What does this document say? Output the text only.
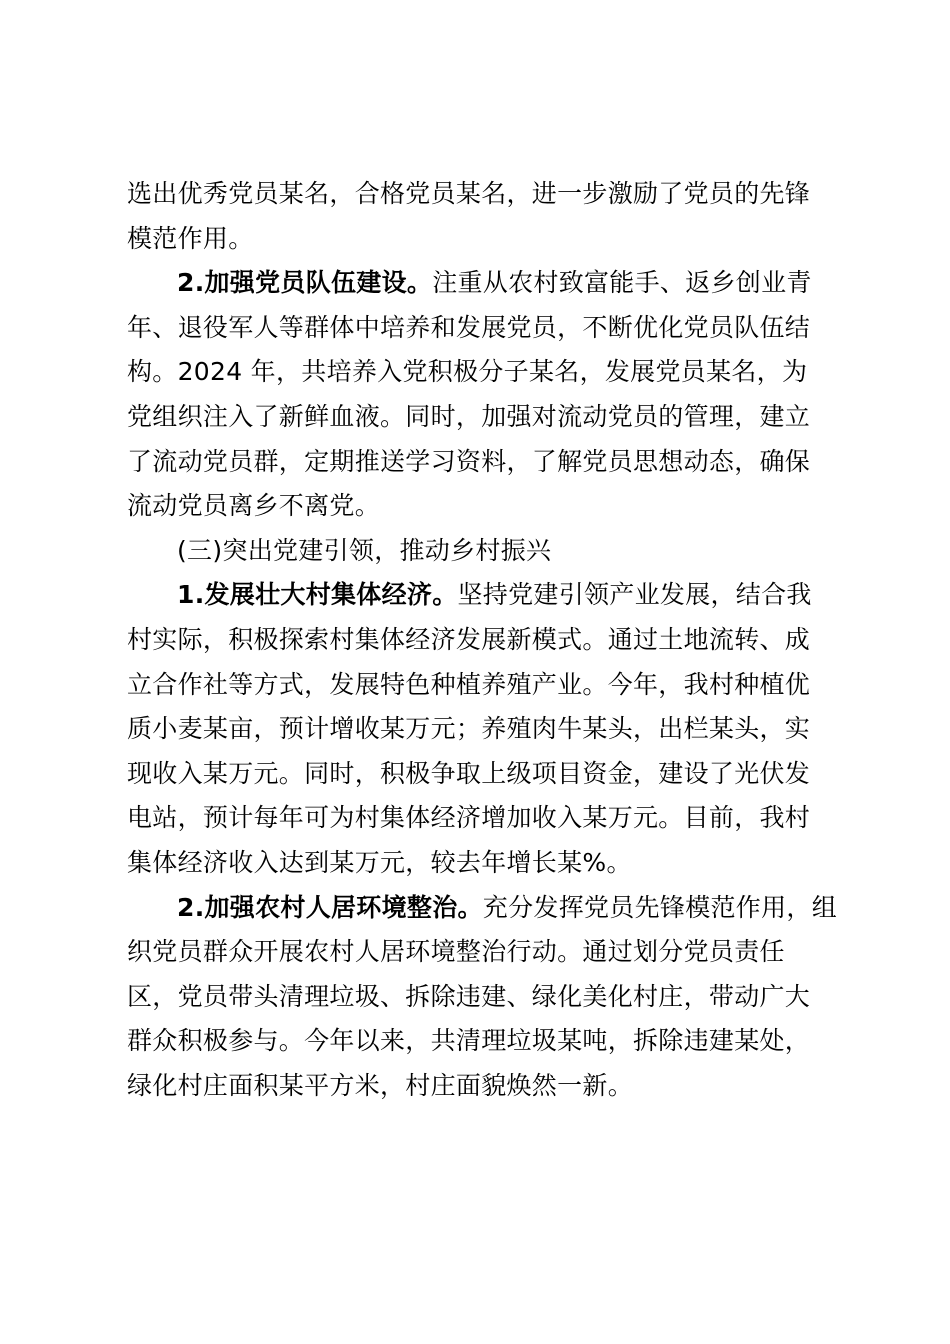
选出优秀党员某名，合格党员某名，进一步激励了党员的先锋
模范作用。
2.加强党员队伍建设。注重从农村致富能手、返乡创业青
年、退役军人等群体中培养和发展党员，不断优化党员队伍结
构。2024 年，共培养入党积极分子某名，发展党员某名，为
党组织注入了新鲜血液。同时，加强对流动党员的管理，建立
了流动党员群，定期推送学习资料，了解党员思想动态，确保
流动党员离乡不离党。
(三)突出党建引领，推动乡村振兴
1.发展壮大村集体经济。坚持党建引领产业发展，结合我
村实际，积极探索村集体经济发展新模式。通过土地流转、成
立合作社等方式，发展特色种植养殖产业。今年，我村种植优
质小麦某亩，预计增收某万元；养殖肉牛某头，出栏某头，实
现收入某万元。同时，积极争取上级项目资金，建设了光伏发
电站，预计每年可为村集体经济增加收入某万元。目前，我村
集体经济收入达到某万元，较去年增长某%。
2.加强农村人居环境整治。充分发挥党员先锋模范作用，组
织党员群众开展农村人居环境整治行动。通过划分党员责任
区，党员带头清理垃圾、拆除违建、绿化美化村庄，带动广大
群众积极参与。今年以来，共清理垃圾某吨，拆除违建某处，
绿化村庄面积某平方米，村庄面貌焕然一新。
